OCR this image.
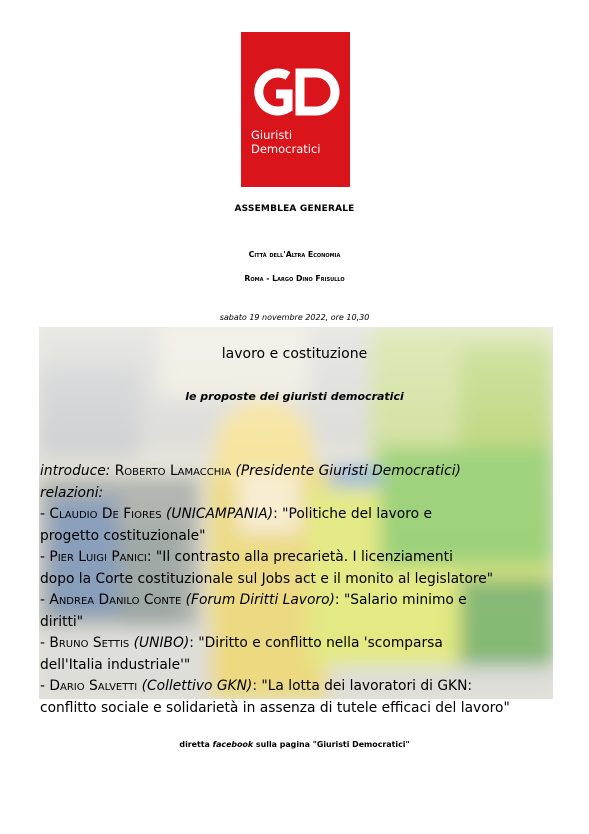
Giuristi
Democratici
ASSEMBLEA GENERALE
Città dell'Altra Economia
Roma - Largo Dino Frisullo
sabato 19 novembre 2022, ore 10,30
lavoro e costituzione
le proposte dei giuristi democratici
introduce: Roberto Lamacchia (Presidente Giuristi Democratici)
relazioni:
- Claudio De Fiores (UNICAMPANIA): "Politiche del lavoro e
progetto costituzionale"
- Pier Luigi Panici: "Il contrasto alla precarietà. I licenziamenti
dopo la Corte costituzionale sul Jobs act e il monito al legislatore"
- Andrea Danilo Conte (Forum Diritti Lavoro): "Salario minimo e
diritti"
- Bruno Settis (UNIBO): "Diritto e conflitto nella 'scomparsa
dell'Italia industriale'"
- Dario Salvetti (Collettivo GKN): "La lotta dei lavoratori di GKN:
conflitto sociale e solidarietà in assenza di tutele efficaci del lavoro"
diretta facebook sulla pagina "Giuristi Democratici"
